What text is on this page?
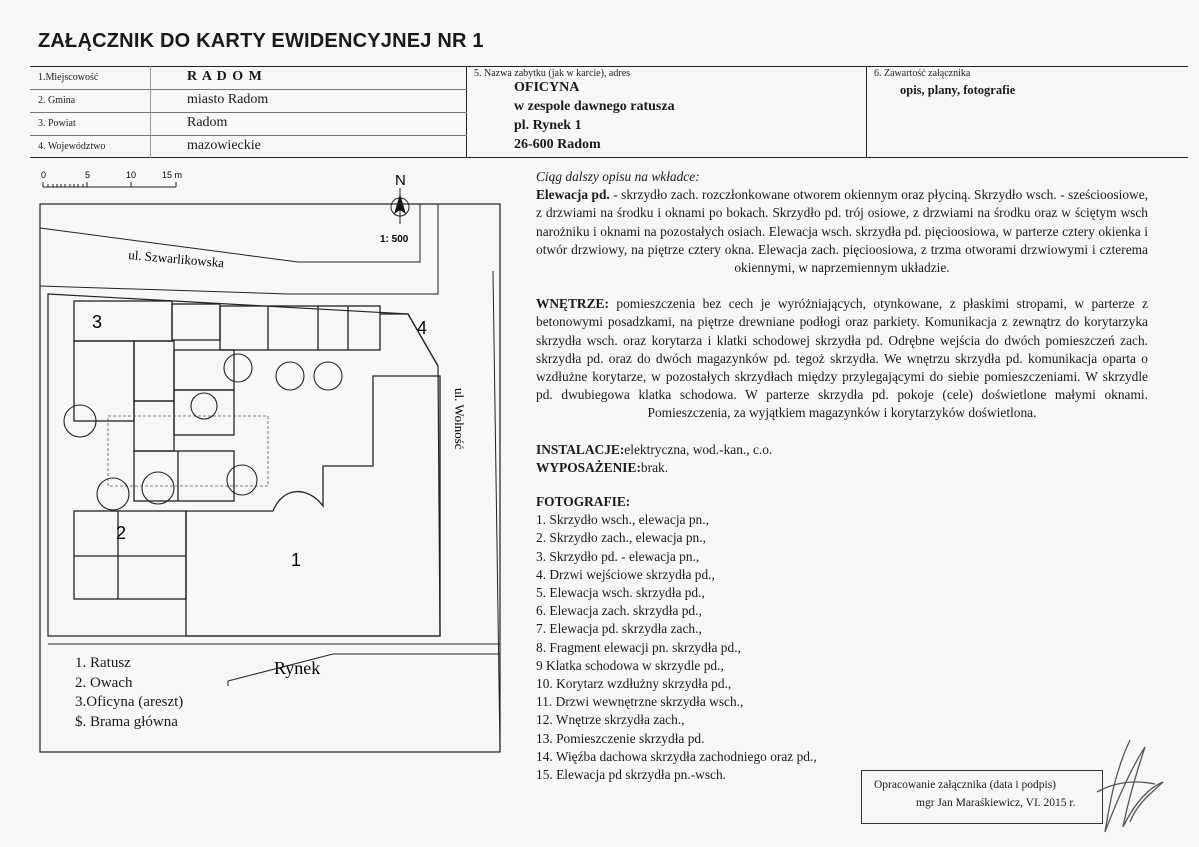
ZAŁĄCZNIK DO KARTY EWIDENCYJNEJ NR 1
1.Miejscowość	R A D O M
2. Gmina	miasto Radom
3. Powiat	Radom
4. Województwo	mazowieckie
5. Nazwa zabytku (jak w karcie), adres
OFICYNA
w zespole dawnego ratusza
pl. Rynek 1
26-600 Radom
6. Zawartość załącznika
opis, plany, fotografie
0	5	10	15 m	N
1: 500
ul. Szwarlikowska
ul. Wolność
1
2
3	4
Rynek
1. Ratusz
2. Owach
3.Oficyna (areszt)
$. Brama główna

Ciąg dalszy opisu na wkładce:

Elewacja pd. - skrzydło zach. rozczłonkowane otworem okiennym oraz płyciną. Skrzydło wsch. - sześcioosiowe, z drzwiami na środku i oknami po bokach. Skrzydło pd. trój osiowe, z drzwiami na środku oraz w ściętym wsch narożniku i oknami na pozostałych osiach. Elewacja wsch. skrzydła pd. pięcioosiowa, w parterze cztery okienka i otwór drzwiowy, na piętrze cztery okna. Elewacja zach. pięcioosiowa, z trzma otworami drzwiowymi i czterema okiennymi, w naprzemiennym układzie.

WNĘTRZE: pomieszczenia bez cech je wyróżniających, otynkowane, z płaskimi stropami, w parterze z betonowymi posadzkami, na piętrze drewniane podłogi oraz parkiety. Komunikacja z zewnątrz do korytarzyka skrzydła wsch. oraz korytarza i klatki schodowej skrzydła pd. Odrębne wejścia do dwóch pomieszczeń zach. skrzydła pd. oraz do dwóch magazynków pd. tegoż skrzydła. We wnętrzu skrzydła pd. komunikacja oparta o wzdłużne korytarze, w pozostałych skrzydłach między przylegającymi do siebie pomieszczeniami. W skrzydle pd. dwubiegowa klatka schodowa. W parterze skrzydła pd. pokoje (cele) doświetlone małymi oknami. Pomieszczenia, za wyjątkiem magazynków i korytarzyków doświetlona.

INSTALACJE:elektryczna, wod.-kan., c.o.

WYPOSAŻENIE:brak.

FOTOGRAFIE:

1. Skrzydło wsch., elewacja pn.,
2. Skrzydło zach., elewacja pn.,
3. Skrzydło pd. - elewacja pn.,
4. Drzwi wejściowe skrzydła pd.,
5. Elewacja wsch. skrzydła pd.,
6. Elewacja zach. skrzydła pd.,
7. Elewacja pd. skrzydła zach.,
8. Fragment elewacji pn. skrzydła pd.,
9 Klatka schodowa w skrzydle pd.,
10. Korytarz wzdłużny skrzydła pd.,
11. Drzwi wewnętrzne skrzydła wsch.,
12. Wnętrze skrzydła zach.,
13. Pomieszczenie skrzydła pd.
14. Więźba dachowa skrzydła zachodniego oraz pd.,
15. Elewacja pd skrzydła pn.-wsch.
Opracowanie załącznika (data i podpis)
mgr Jan Maraśkiewicz, VI. 2015 r.
